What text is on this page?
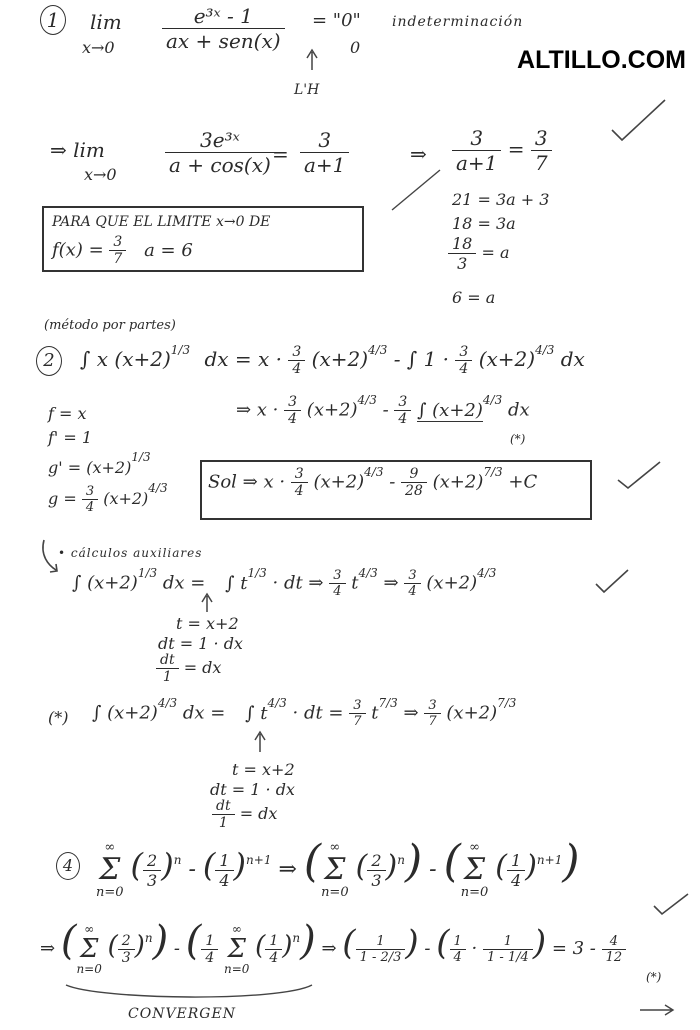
ALTILLO.COM
1	lim
$x\to 0 \frac{\text{e³ˣ - 1}}{\text{ax + sen(x)}}$ = "0"
0
indeterminación
L'H
⇒ lim
$x\to 0 \frac{\text{3e³ˣ}}{a + \cos(x)}$
= $\frac{3}{a+1}$	⇒ $\frac{3}{a+1} = \frac{3}{7}$
PARA QUE EL LIMITE x→0 DE
$f(x) = \frac{3}{7}$ a = 6
21 = 3a + 3
18 = 3a
$\frac{18}{3} = a$
6 = a
(método por partes)
2	∫ x $(x+2)^{1/3}$ dx = $x \cdot \frac{3}{4} (x+2)^{4/3}$ - ∫ $1 \cdot \frac{3}{4} (x+2)^{4/3}$ dx
f = x
f' = 1
⇒ $x \cdot \frac{3}{4} (x+2)^{4/3} - \frac{3}{4}$ ∫ $(x+2)^{4/3}$ dx
(*)
$g' = (x+2)^{1/3}$
$g = \frac{3}{4} (x+2)^{4/3}$ Sol ⇒ $x \cdot \frac{3}{4} (x+2)^{4/3} - \frac{9}{28} (x+2)^{7/3} +C$
• cálculos auxiliares
∫ $(x+2)^{1/3}$ dx = ∫ $t^{1/3}$ · dt ⇒ $\frac{3}{4} t^{4/3}$ ⇒ $\frac{3}{4} (x+2)^{4/3}$
t = x+2
dt = 1 · dx
$\frac{dt}{1}$ = dx
(*) ∫ $(x+2)^{4/3}$ dx = ∫ $t^{4/3}$ · dt = $\frac{3}{7} t^{7/3}$ ⇒ $\frac{3}{7} (x+2)^{7/3}$
t = x+2
dt = 1 · dx
$\frac{dt}{1}$ = dx
4
∞
Σ
n=0
( $\frac{2}{3} )^n$ - ( $\frac{1}{4} )^{n+1}$ ⇒ ( ∞
Σ
n=0
( $\frac{2}{3} )^n$) - ( ∞
Σ
n=0
( $\frac{1}{4} )^{n+1}$)
⇒ ( ∞
Σ
n=0
( $\frac{2}{3} )^n$) - ( $\frac{1}{4}$

∞
Σ
n=0
( $\frac{1}{4} )^n$) ⇒ ( $\frac{1}{1 - 2/3}$ ) - ( $\frac{1}{4} \cdot \frac{1}{1 - 1/4}$ ) = $3 - \frac{4}{12}$
(*)
CONVERGEN
